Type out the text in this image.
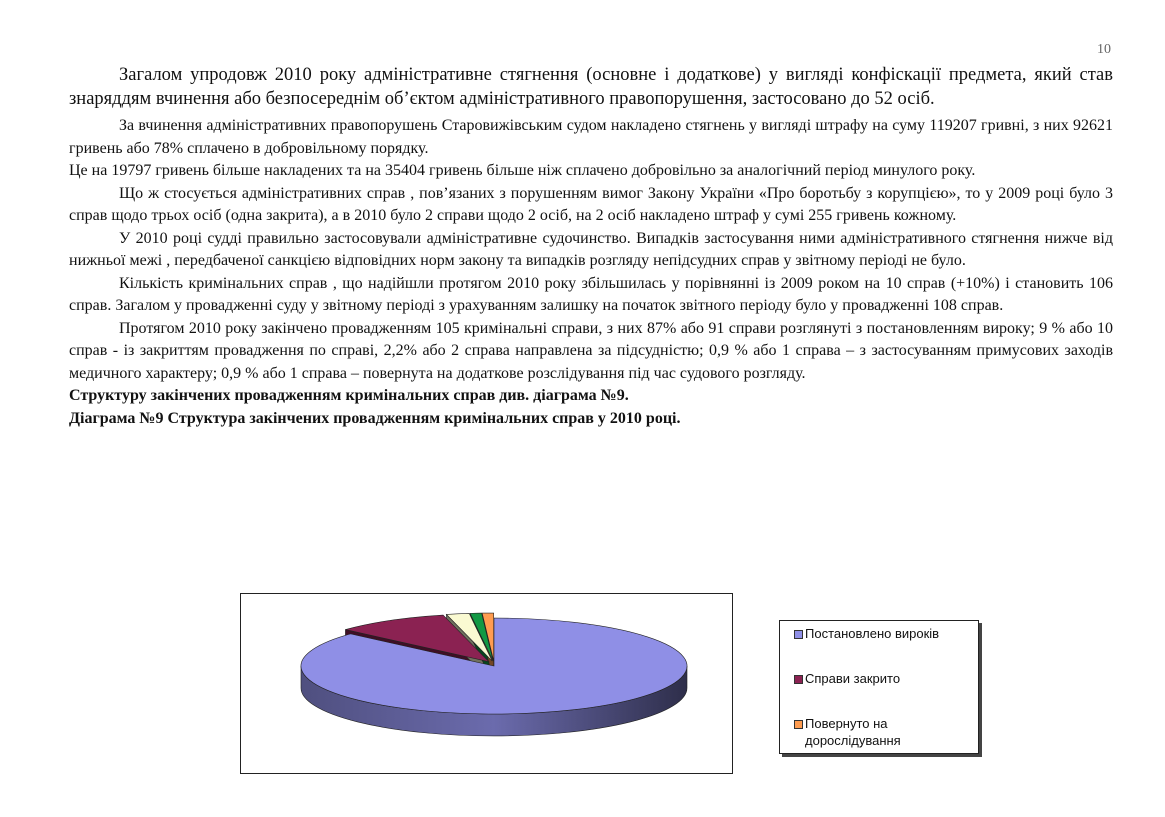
10

Загалом упродовж 2010 року адміністративне стягнення (основне і додаткове) у вигляді конфіскації предмета, який став знаряддям вчинення або безпосереднім об’єктом адміністративного правопорушення, застосовано до 52 осіб.

За вчинення адміністративних правопорушень Старовижівським судом накладено стягнень у вигляді штрафу на суму 119207 гривні, з них 92621 гривень або 78% сплачено в добровільному порядку.

Це на 19797 гривень більше накладених та на 35404 гривень більше ніж сплачено добровільно за аналогічний період минулого року.

Що ж стосується адміністративних справ , пов’язаних з порушенням вимог Закону України «Про боротьбу з корупцією», то у 2009 році було 3 справ щодо трьох осіб (одна закрита), а в 2010 було 2 справи щодо 2 осіб, на 2 осіб накладено штраф у сумі 255 гривень кожному.

У 2010 році судді правильно застосовували адміністративне судочинство. Випадків застосування ними адміністративного стягнення нижче від нижньої межі , передбаченої санкцією відповідних норм закону та випадків розгляду непідсудних справ у звітному періоді не було.

Кількість кримінальних справ , що надійшли протягом 2010 року збільшилась у порівнянні із 2009 роком на 10 справ (+10%) і становить 106 справ. Загалом у провадженні суду у звітному періоді з урахуванням залишку на початок звітного періоду було у провадженні 108 справ.

Протягом 2010 року закінчено провадженням 105 кримінальні справи, з них 87% або 91 справи розглянуті з постановленням вироку; 9 % або 10 справ - із закриттям провадження по справі, 2,2% або 2 справа направлена за підсудністю; 0,9 % або 1 справа – з застосуванням примусових заходів медичного характеру; 0,9 % або 1 справа – повернута на додаткове розслідування під час судового розгляду.

Структуру закінчених провадженням кримінальних справ див. діаграма №9.

Діаграма №9 Структура закінчених провадженням кримінальних справ у 2010 році.

Постановлено вироків
Справи закрито
Повернуто на дорослідування
